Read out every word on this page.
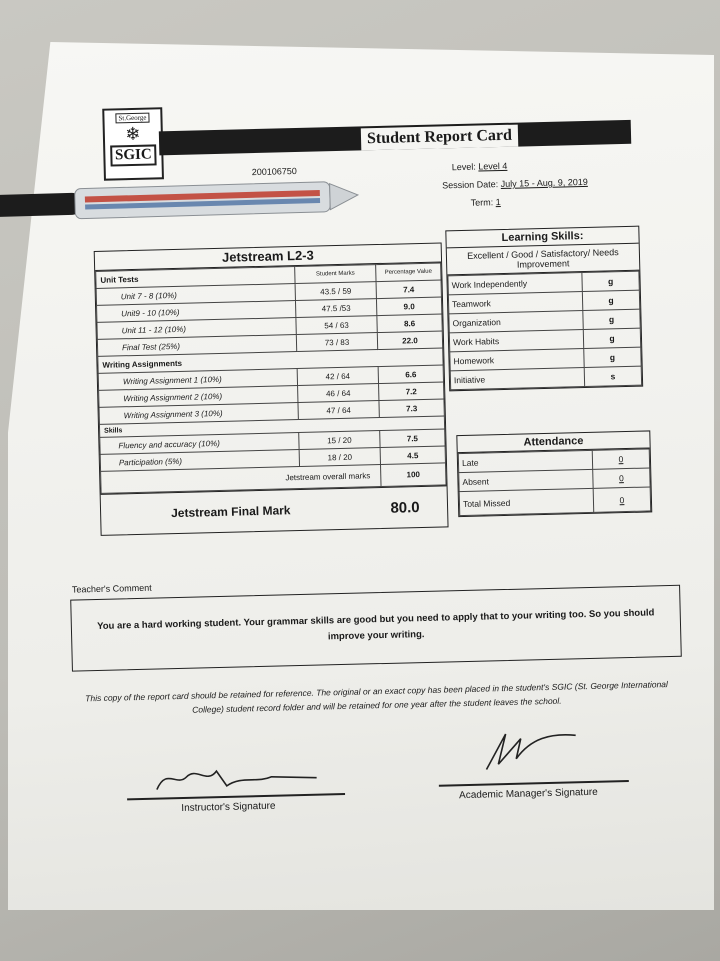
St.George
❄
SGIC
Student Report Card
200106750	Level: Level 4
Session Date: July 15 - Aug. 9, 2019
Term: 1
Jetstream L2-3
Unit Tests	Student Marks	Percentage Value
Unit 7 - 8 (10%)	43.5 / 59	7.4
Unit9 - 10 (10%)	47.5 /53	9.0
Unit 11 - 12 (10%)	54 / 63	8.6
Final Test (25%)	73 / 83	22.0
Writing Assignments		
Writing Assignment 1 (10%)	42 / 64	6.6
Writing Assignment 2 (10%)	46 / 64	7.2
Writing Assignment 3 (10%)	47 / 64	7.3
Skills		
Fluency and accuracy (10%)	15 / 20	7.5
Participation (5%)	18 / 20	4.5
Jetstream overall marks		100
Jetstream Final Mark	80.0
Learning Skills:
Excellent / Good / Satisfactory/ Needs Improvement
Work Independently	g
Teamwork	g
Organization	g
Work Habits	g
Homework	g
Initiative	s
Attendance
Late	0
Absent	0
Total Missed	0
Teacher's Comment
You are a hard working student. Your grammar skills are good but you need to apply that to your writing too. So you should improve your writing.
This copy of the report card should be retained for reference. The original or an exact copy has been placed in the student's SGIC (St. George International College) student record folder and will be retained for one year after the student leaves the school.
Instructor's Signature
Academic Manager's Signature
